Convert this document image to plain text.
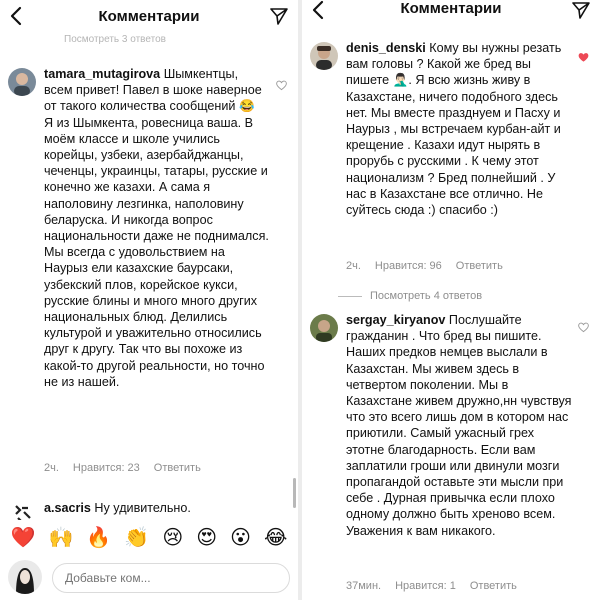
Комментарии
Посмотреть 3 ответов
tamara_mutagirova Шымкентцы, всем привет! Павел в шоке наверное от такого количества сообщений 😂
Я из Шымкента, ровесница ваша. В моём классе и школе учились корейцы, узбеки, азербайджанцы, чеченцы, украинцы, татары, русские и конечно же казахи. А сама я наполовину лезгинка, наполовину беларуска. И никогда вопрос национальности даже не поднимался. Мы всегда с удовольствием на Наурыз ели казахские баурсаки, узбекский плов, корейское кукси, русские блины и много много других национальных блюд. Делились культурой и уважительно относились друг к другу. Так что вы похоже из какой-то другой реальности, но точно не из нашей.
2ч. Нравится: 23 Ответить
a.sacris Ну удивительно.
❤️ 🙌 🔥 👏 😢 😍 😮 😂
Добавьте ком...
Комментарии
denis_denski Кому вы нужны резать вам головы ? Какой же бред вы пишете 🤦🏻‍♂️. Я всю жизнь живу в Казахстане, ничего подобного здесь нет. Мы вместе празднуем и Пасху и Наурыз , мы встречаем курбан-айт и крещение . Казахи идут нырять в прорубь с русскими . К чему этот национализм ? Бред полнейший . У нас в Казахстане все отлично. Не суйтесь сюда :) спасибо :)
2ч. Нравится: 96 Ответить
Посмотреть 4 ответов
sergay_kiryanov Послушайте гражданин . Что бред вы пишите. Наших предков немцев выслали в Казахстан. Мы живем здесь в четвертом поколении. Мы в Казахстане живем дружно,нн чувствуя что это всего лишь дом в котором нас приютили. Самый ужасный грех этотне благодарность. Если вам заплатили гроши или двинули мозги пропагандой оставьте эти мысли при себе . Дурная привычка если плохо одному должно быть хреново всем. Уважения к вам никакого.
37мин. Нравится: 1 Ответить
